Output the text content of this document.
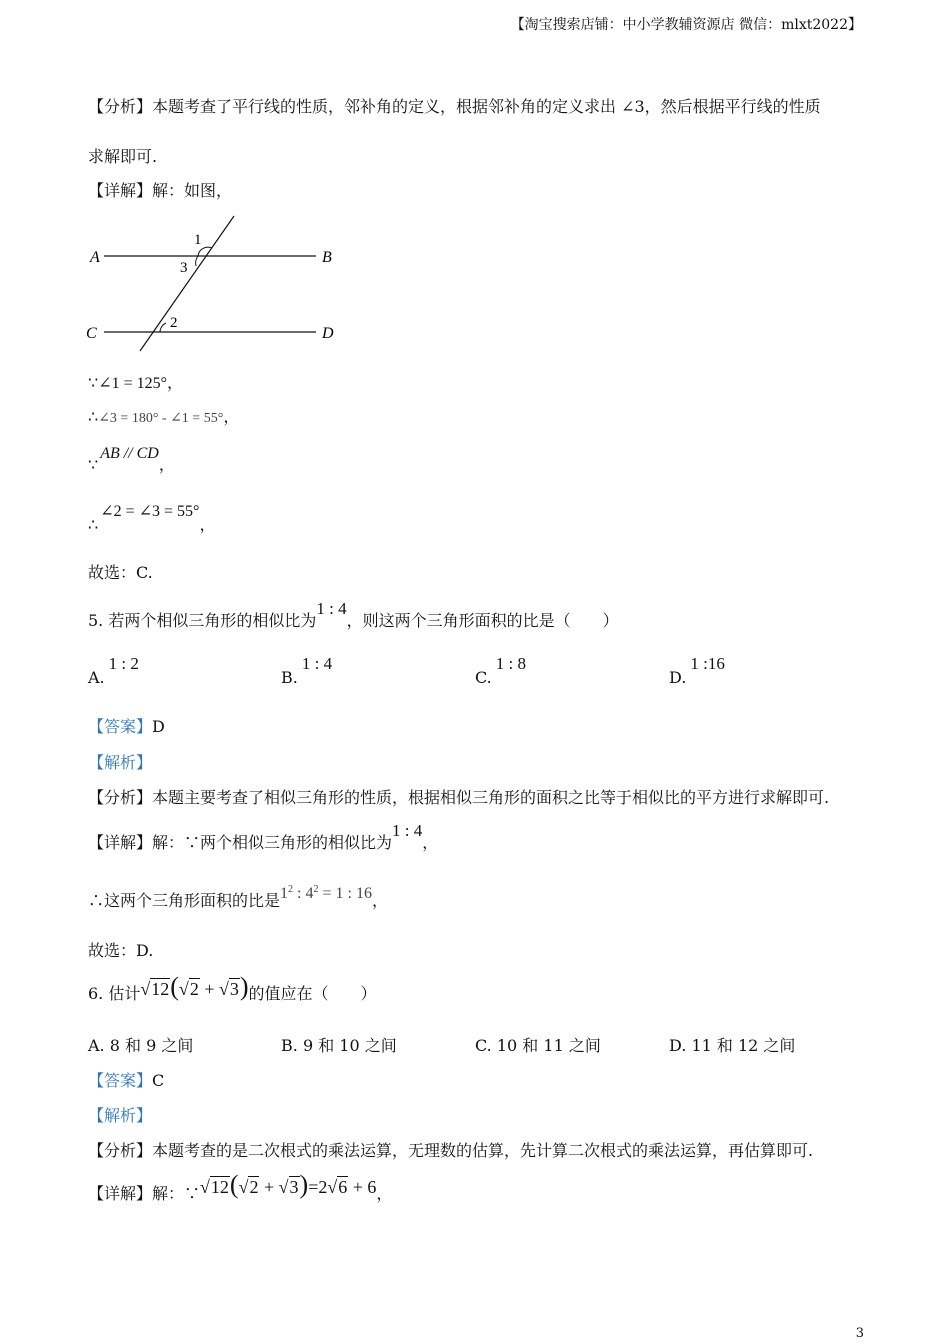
【淘宝搜索店铺：中小学教辅资源店 微信：mlxt2022】
【分析】本题考查了平行线的性质，邻补角的定义，根据邻补角的定义求出 ∠3，然后根据平行线的性质
求解即可.
【详解】解：如图，
A	B
C	D
1
3
2
∵∠1 = 125°，
∴∠3 = 180° - ∠1 = 55°，
∵AB // CD，
∴∠2 = ∠3 = 55°，
故选：C.
5. 若两个相似三角形的相似比为1 : 4，则这两个三角形面积的比是（　　）
A.1 : 2
B.1 : 4
C.1 : 8
D.1 :16
【答案】D
【解析】
【分析】本题主要考查了相似三角形的性质，根据相似三角形的面积之比等于相似比的平方进行求解即可.
【详解】解：∵两个相似三角形的相似比为1 : 4，
∴这两个三角形面积的比是$1^2$ : $4^2 = 1$ : 16，
故选：D.
6. 估计√12(√2 + √3)的值应在（　　）
A. 8 和 9 之间	B. 9 和 10 之间	C. 10 和 11 之间	D. 11 和 12 之间
【答案】C
【解析】
【分析】本题考查的是二次根式的乘法运算，无理数的估算，先计算二次根式的乘法运算，再估算即可.
【详解】解：∵√12(√2 + √3)=2√6 + 6，
3
